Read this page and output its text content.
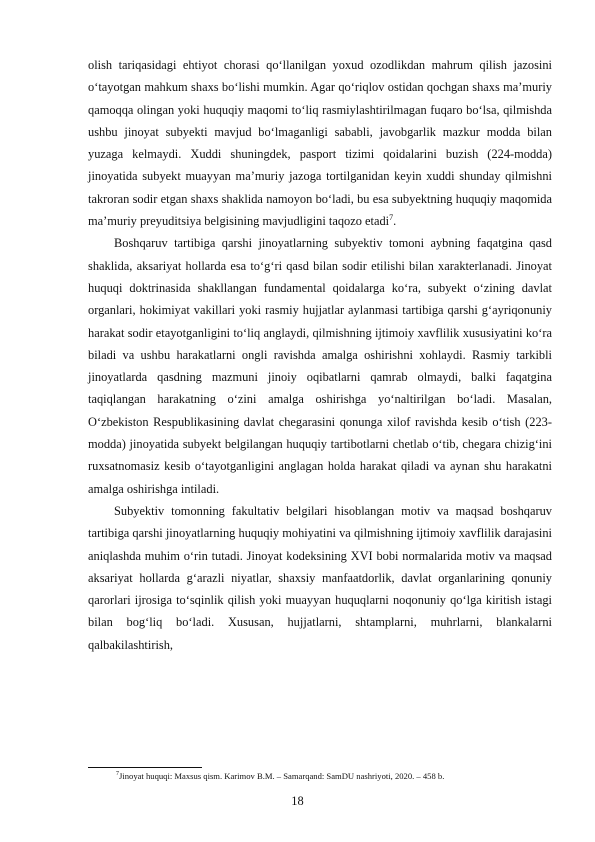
olish tariqasidagi ehtiyot chorasi qo‘llanilgan yoxud ozodlikdan mahrum qilish jazosini o‘tayotgan mahkum shaxs bo‘lishi mumkin. Agar qo‘riqlov ostidan qochgan shaxs ma’muriy qamoqqa olingan yoki huquqiy maqomi to‘liq rasmiylashtirilmagan fuqaro bo‘lsa, qilmishda ushbu jinoyat subyekti mavjud bo‘lmaganligi sababli, javobgarlik mazkur modda bilan yuzaga kelmaydi. Xuddi shuningdek, pasport tizimi qoidalarini buzish (224-modda) jinoyatida subyekt muayyan ma’muriy jazoga tortilganidan keyin xuddi shunday qilmishni takroran sodir etgan shaxs shaklida namoyon bo‘ladi, bu esa subyektning huquqiy maqomida ma’muriy preyuditsiya belgisining mavjudligini taqozo etadi$^7$.

Boshqaruv tartibiga qarshi jinoyatlarning subyektiv tomoni aybning faqatgina qasd shaklida, aksariyat hollarda esa to‘g‘ri qasd bilan sodir etilishi bilan xarakterlanadi. Jinoyat huquqi doktrinasida shakllangan fundamental qoidalarga ko‘ra, subyekt o‘zining davlat organlari, hokimiyat vakillari yoki rasmiy hujjatlar aylanmasi tartibiga qarshi g‘ayriqonuniy harakat sodir etayotganligini to‘liq anglaydi, qilmishning ijtimoiy xavflilik xususiyatini ko‘ra biladi va ushbu harakatlarni ongli ravishda amalga oshirishni xohlaydi. Rasmiy tarkibli jinoyatlarda qasdning mazmuni jinoiy oqibatlarni qamrab olmaydi, balki faqatgina taqiqlangan harakatning o‘zini amalga oshirishga yo‘naltirilgan bo‘ladi. Masalan, O‘zbekiston Respublikasining davlat chegarasini qonunga xilof ravishda kesib o‘tish (223-modda) jinoyatida subyekt belgilangan huquqiy tartibotlarni chetlab o‘tib, chegara chizig‘ini ruxsatnomasiz kesib o‘tayotganligini anglagan holda harakat qiladi va aynan shu harakatni amalga oshirishga intiladi.

Subyektiv tomonning fakultativ belgilari hisoblangan motiv va maqsad boshqaruv tartibiga qarshi jinoyatlarning huquqiy mohiyatini va qilmishning ijtimoiy xavflilik darajasini aniqlashda muhim o‘rin tutadi. Jinoyat kodeksining XVI bobi normalarida motiv va maqsad aksariyat hollarda g‘arazli niyatlar, shaxsiy manfaatdorlik, davlat organlarining qonuniy qarorlari ijrosiga to‘sqinlik qilish yoki muayyan huquqlarni noqonuniy qo‘lga kiritish istagi bilan bog‘liq bo‘ladi. Xususan, hujjatlarni, shtamplarni, muhrlarni, blankalarni qalbakilashtirish,

$^7$Jinoyat huquqi: Maxsus qism. Karimov B.M. – Samarqand: SamDU nashriyoti, 2020. – 458 b.
18
